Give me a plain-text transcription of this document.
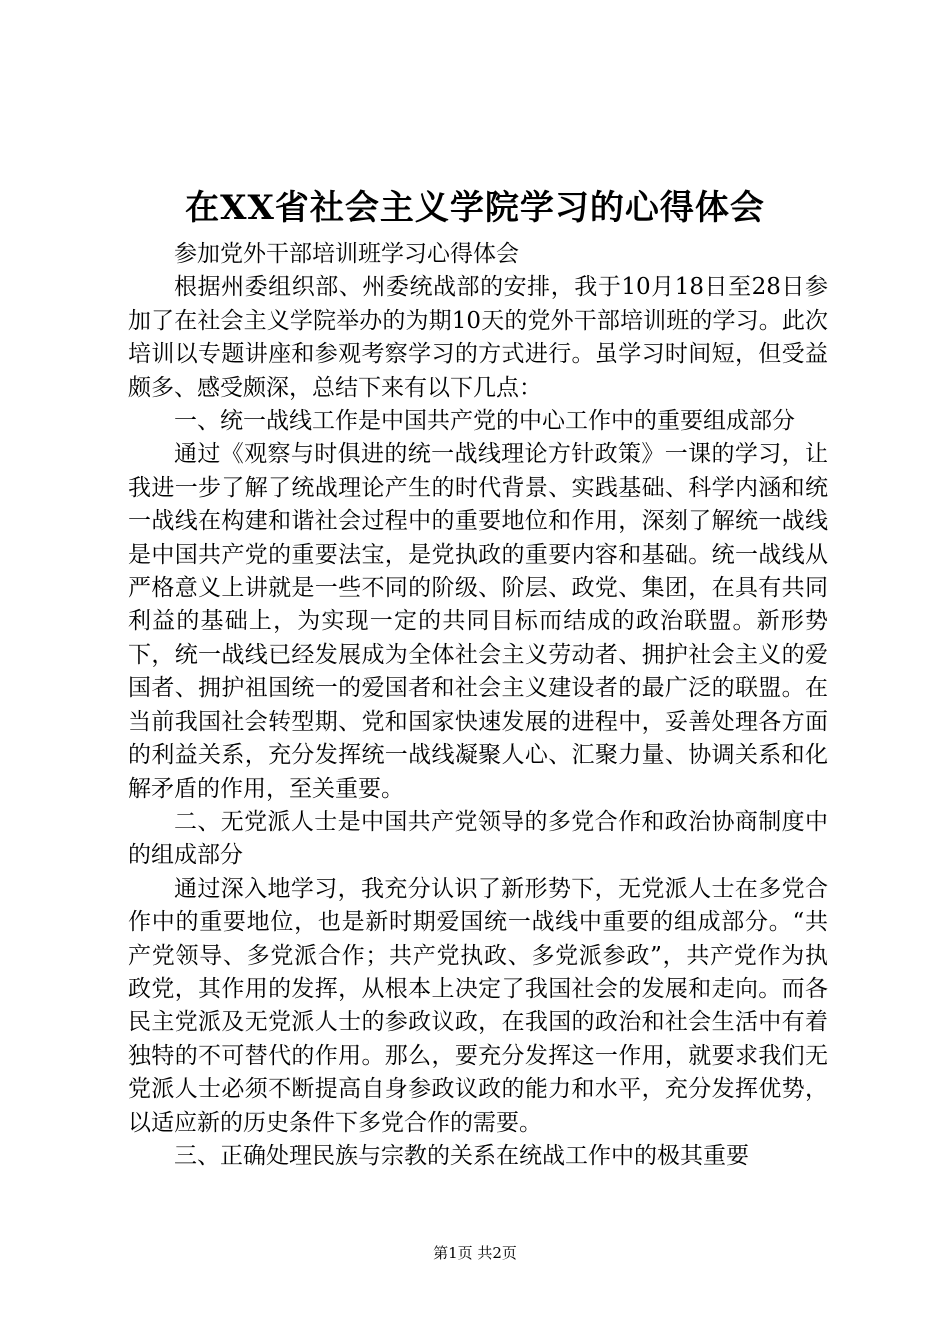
在XX省社会主义学院学习的心得体会

参加党外干部培训班学习心得体会

根据州委组织部、州委统战部的安排，我于10月18日至28日参加了在社会主义学院举办的为期10天的党外干部培训班的学习。此次培训以专题讲座和参观考察学习的方式进行。虽学习时间短，但受益颇多、感受颇深，总结下来有以下几点：

一、统一战线工作是中国共产党的中心工作中的重要组成部分

通过《观察与时俱进的统一战线理论方针政策》一课的学习，让我进一步了解了统战理论产生的时代背景、实践基础、科学内涵和统一战线在构建和谐社会过程中的重要地位和作用，深刻了解统一战线是中国共产党的重要法宝，是党执政的重要内容和基础。统一战线从严格意义上讲就是一些不同的阶级、阶层、政党、集团，在具有共同利益的基础上，为实现一定的共同目标而结成的政治联盟。新形势下，统一战线已经发展成为全体社会主义劳动者、拥护社会主义的爱国者、拥护祖国统一的爱国者和社会主义建设者的最广泛的联盟。在当前我国社会转型期、党和国家快速发展的进程中，妥善处理各方面的利益关系，充分发挥统一战线凝聚人心、汇聚力量、协调关系和化解矛盾的作用，至关重要。

二、无党派人士是中国共产党领导的多党合作和政治协商制度中的组成部分

通过深入地学习，我充分认识了新形势下，无党派人士在多党合作中的重要地位，也是新时期爱国统一战线中重要的组成部分。“共产党领导、多党派合作；共产党执政、多党派参政”，共产党作为执政党，其作用的发挥，从根本上决定了我国社会的发展和走向。而各民主党派及无党派人士的参政议政，在我国的政治和社会生活中有着独特的不可替代的作用。那么，要充分发挥这一作用，就要求我们无党派人士必须不断提高自身参政议政的能力和水平，充分发挥优势，以适应新的历史条件下多党合作的需要。

三、正确处理民族与宗教的关系在统战工作中的极其重要

第1页 共2页
